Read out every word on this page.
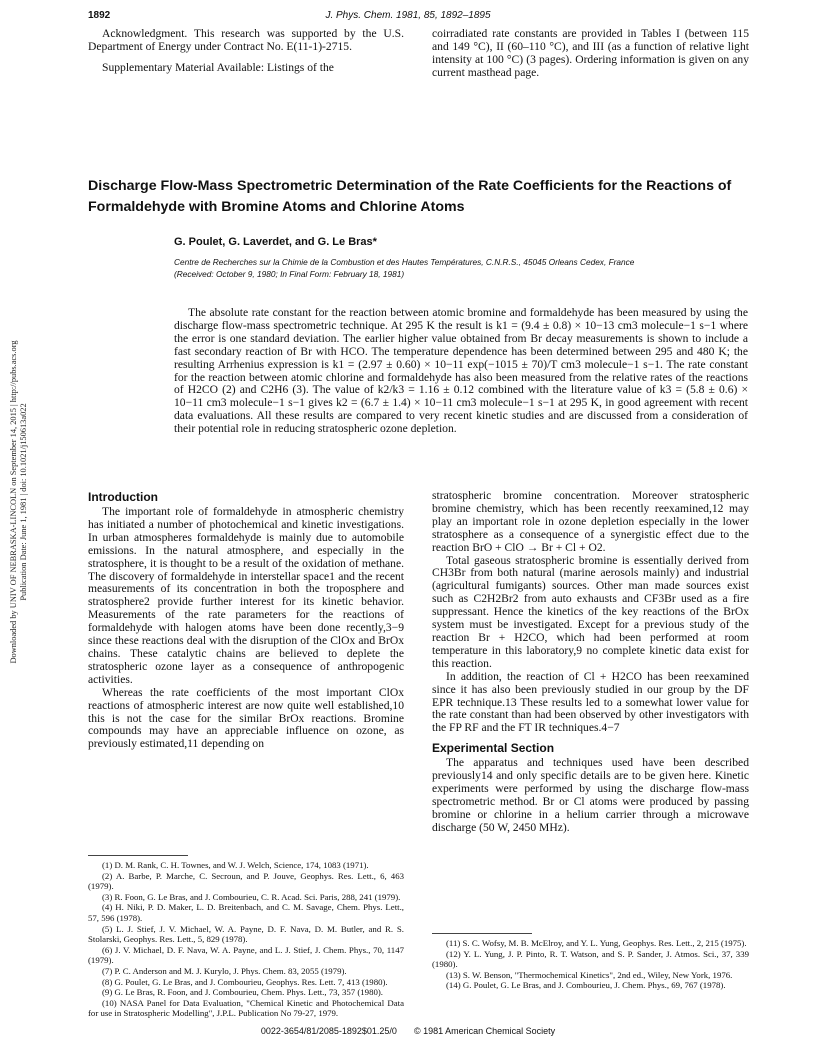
1892	J. Phys. Chem. 1981, 85, 1892–1895

Acknowledgment. This research was supported by the U.S. Department of Energy under Contract No. E(11-1)-2715.

Supplementary Material Available: Listings of the

coirradiated rate constants are provided in Tables I (between 115 and 149 °C), II (60–110 °C), and III (as a function of relative light intensity at 100 °C) (3 pages). Ordering information is given on any current masthead page.

Discharge Flow-Mass Spectrometric Determination of the Rate Coefficients for the Reactions of Formaldehyde with Bromine Atoms and Chlorine Atoms
G. Poulet, G. Laverdet, and G. Le Bras*
Centre de Recherches sur la Chimie de la Combustion et des Hautes Températures, C.N.R.S., 45045 Orleans Cedex, France
(Received: October 9, 1980; In Final Form: February 18, 1981)

The absolute rate constant for the reaction between atomic bromine and formaldehyde has been measured by using the discharge flow-mass spectrometric technique. At 295 K the result is k1 = (9.4 ± 0.8) × 10−13 cm3 molecule−1 s−1 where the error is one standard deviation. The earlier higher value obtained from Br decay measurements is shown to include a fast secondary reaction of Br with HCO. The temperature dependence has been determined between 295 and 480 K; the resulting Arrhenius expression is k1 = (2.97 ± 0.60) × 10−11 exp(−1015 ± 70)/T cm3 molecule−1 s−1. The rate constant for the reaction between atomic chlorine and formaldehyde has also been measured from the relative rates of the reactions of H2CO (2) and C2H6 (3). The value of k2/k3 = 1.16 ± 0.12 combined with the literature value of k3 = (5.8 ± 0.6) × 10−11 cm3 molecule−1 s−1 gives k2 = (6.7 ± 1.4) × 10−11 cm3 molecule−1 s−1 at 295 K, in good agreement with recent data evaluations. All these results are compared to very recent kinetic studies and are discussed from a consideration of their potential role in reducing stratospheric ozone depletion.

Introduction

The important role of formaldehyde in atmospheric chemistry has initiated a number of photochemical and kinetic investigations. In urban atmospheres formaldehyde is mainly due to automobile emissions. In the natural atmosphere, and especially in the stratosphere, it is thought to be a result of the oxidation of methane. The discovery of formaldehyde in interstellar space1 and the recent measurements of its concentration in both the troposphere and stratosphere2 provide further interest for its kinetic behavior. Measurements of the rate parameters for the reactions of formaldehyde with halogen atoms have been done recently,3−9 since these reactions deal with the disruption of the ClOx and BrOx chains. These catalytic chains are believed to deplete the stratospheric ozone layer as a consequence of anthropogenic activities.

Whereas the rate coefficients of the most important ClOx reactions of atmospheric interest are now quite well established,10 this is not the case for the similar BrOx reactions. Bromine compounds may have an appreciable influence on ozone, as previously estimated,11 depending on

stratospheric bromine concentration. Moreover stratospheric bromine chemistry, which has been recently reexamined,12 may play an important role in ozone depletion especially in the lower stratosphere as a consequence of a synergistic effect due to the reaction BrO + ClO → Br + Cl + O2.

Total gaseous stratospheric bromine is essentially derived from CH3Br from both natural (marine aerosols mainly) and industrial (agricultural fumigants) sources. Other man made sources exist such as C2H2Br2 from auto exhausts and CF3Br used as a fire suppressant. Hence the kinetics of the key reactions of the BrOx system must be investigated. Except for a previous study of the reaction Br + H2CO, which had been performed at room temperature in this laboratory,9 no complete kinetic data exist for this reaction.

In addition, the reaction of Cl + H2CO has been reexamined since it has also been previously studied in our group by the DF EPR technique.13 These results led to a somewhat lower value for the rate constant than had been observed by other investigators with the FP RF and the FT IR techniques.4−7

Experimental Section

The apparatus and techniques used have been described previously14 and only specific details are to be given here. Kinetic experiments were performed by using the discharge flow-mass spectrometric method. Br or Cl atoms were produced by passing bromine or chlorine in a helium carrier through a microwave discharge (50 W, 2450 MHz).

(1) D. M. Rank, C. H. Townes, and W. J. Welch, Science, 174, 1083 (1971).

(2) A. Barbe, P. Marche, C. Secroun, and P. Jouve, Geophys. Res. Lett., 6, 463 (1979).

(3) R. Foon, G. Le Bras, and J. Combourieu, C. R. Acad. Sci. Paris, 288, 241 (1979).

(4) H. Niki, P. D. Maker, L. D. Breitenbach, and C. M. Savage, Chem. Phys. Lett., 57, 596 (1978).

(5) L. J. Stief, J. V. Michael, W. A. Payne, D. F. Nava, D. M. Butler, and R. S. Stolarski, Geophys. Res. Lett., 5, 829 (1978).

(6) J. V. Michael, D. F. Nava, W. A. Payne, and L. J. Stief, J. Chem. Phys., 70, 1147 (1979).

(7) P. C. Anderson and M. J. Kurylo, J. Phys. Chem. 83, 2055 (1979).

(8) G. Poulet, G. Le Bras, and J. Combourieu, Geophys. Res. Lett. 7, 413 (1980).

(9) G. Le Bras, R. Foon, and J. Combourieu, Chem. Phys. Lett., 73, 357 (1980).

(10) NASA Panel for Data Evaluation, "Chemical Kinetic and Photochemical Data for use in Stratospheric Modelling", J.P.L. Publication No 79-27, 1979.

(11) S. C. Wofsy, M. B. McElroy, and Y. L. Yung, Geophys. Res. Lett., 2, 215 (1975).

(12) Y. L. Yung, J. P. Pinto, R. T. Watson, and S. P. Sander, J. Atmos. Sci., 37, 339 (1980).

(13) S. W. Benson, "Thermochemical Kinetics", 2nd ed., Wiley, New York, 1976.

(14) G. Poulet, G. Le Bras, and J. Combourieu, J. Chem. Phys., 69, 767 (1978).

0022-3654/81/2085-1892$01.25/0 © 1981 American Chemical Society
Downloaded by UNIV OF NEBRASKA-LINCOLN on September 14, 2015 | http://pubs.acs.org Publication Date: June 1, 1981 | doi: 10.1021/j150613a022
